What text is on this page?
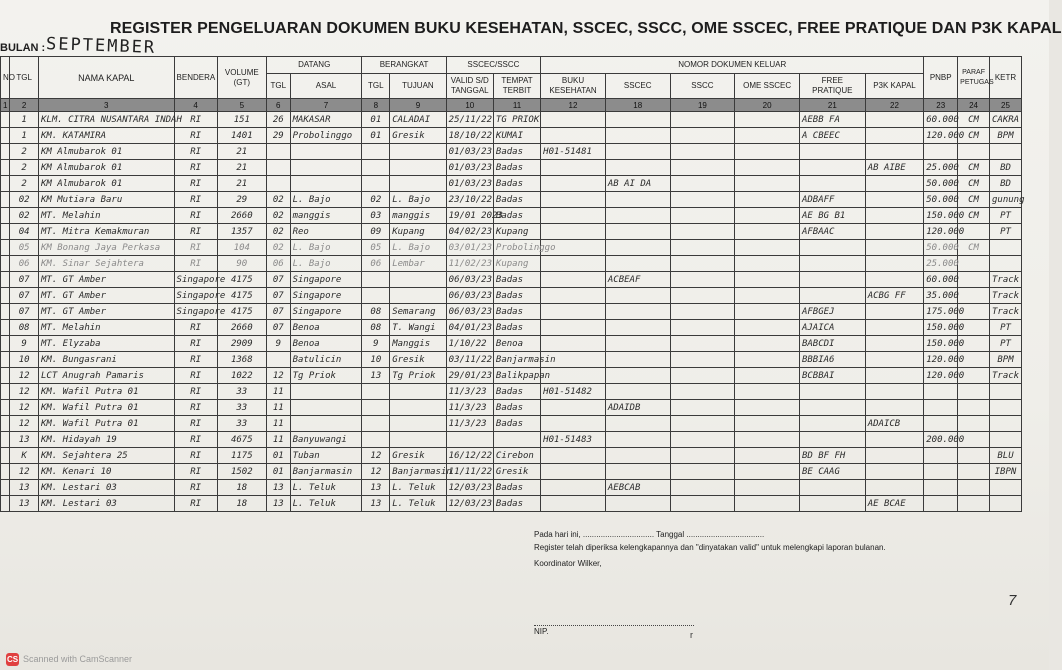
REGISTER PENGELUARAN DOKUMEN BUKU KESEHATAN, SSCEC, SSCC, OME SSCEC, FREE PRATIQUE DAN P3K KAPAL
BULAN : SEPTEMBER
NO	TGL	NAMA KAPAL	BENDERA	VOLUME (GT)	DATANG		BERANGKAT		SSCEC/SSCC		NOMOR DOKUMEN KELUAR						PNBP	PARAF PETUGAS	KETR
					TGL	ASAL	TGL	TUJUAN	VALID S/D TANGGAL	TEMPAT TERBIT	BUKU KESEHATAN	SSCEC	SSCC	OME SSCEC	FREE PRATIQUE	P3K KAPAL			
1	2	3	4	5	6	7	8	9	10	11	12	18	19	20	21	22	23	24	25
	1	KLM. CITRA NUSANTARA INDAH	RI	151	26	MAKASAR	01	CALADAI	25/11/22	TG PRIOK					AEBB FA		60.000	CM	CAKRA
	1	KM. KATAMIRA	RI	1401	29	Probolinggo	01	Gresik	18/10/22	KUMAI					A CBEEC		120.000	CM	BPM
	2	KM Almubarok 01	RI	21					01/03/23	Badas	H01-51481								
	2	KM Almubarok 01	RI	21					01/03/23	Badas						AB AIBE	25.000	CM	BD
	2	KM Almubarok 01	RI	21					01/03/23	Badas		AB AI DA					50.000	CM	BD
	02	KM Mutiara Baru	RI	29	02	L. Bajo	02	L. Bajo	23/10/22	Badas					ADBAFF		50.000	CM	gunung
	02	MT. Melahin	RI	2660	02	manggis	03	manggis	19/01 2023	Badas					AE BG B1		150.000	CM	PT
	04	MT. Mitra Kemakmuran	RI	1357	02	Reo	09	Kupang	04/02/23	Kupang					AFBAAC		120.000		PT
	05	KM Bonang Jaya Perkasa	RI	104	02	L. Bajo	05	L. Bajo	03/01/23	Probolinggo							50.000	CM	
	06	KM. Sinar Sejahtera	RI	90	06	L. Bajo	06	Lembar	11/02/23	Kupang							25.000		
	07	MT. GT Amber	Singapore	4175	07	Singapore			06/03/23	Badas		ACBEAF					60.000		Track
	07	MT. GT Amber	Singapore	4175	07	Singapore			06/03/23	Badas						ACBG FF	35.000		Track
	07	MT. GT Amber	Singapore	4175	07	Singapore	08	Semarang	06/03/23	Badas					AFBGEJ		175.000		Track
	08	MT. Melahin	RI	2660	07	Benoa	08	T. Wangi	04/01/23	Badas					AJAICA		150.000		PT
	9	MT. Elyzaba	RI	2909	9	Benoa	9	Manggis	1/10/22	Benoa					BABCDI		150.000		PT
	10	KM. Bungasrani	RI	1368		Batulicin	10	Gresik	03/11/22	Banjarmasin					BBBIA6		120.000		BPM
	12	LCT Anugrah Pamaris	RI	1022	12	Tg Priok	13	Tg Priok	29/01/23	Balikpapan					BCBBAI		120.000		Track
	12	KM. Wafil Putra 01	RI	33	11				11/3/23	Badas	H01-51482								
	12	KM. Wafil Putra 01	RI	33	11				11/3/23	Badas		ADAIDB							
	12	KM. Wafil Putra 01	RI	33	11				11/3/23	Badas						ADAICB			
	13	KM. Hidayah 19	RI	4675	11	Banyuwangi					H01-51483						200.000		
	K	KM. Sejahtera 25	RI	1175	01	Tuban	12	Gresik	16/12/22	Cirebon					BD BF FH				BLU
	12	KM. Kenari 10	RI	1502	01	Banjarmasin	12	Banjarmasin	11/11/22	Gresik					BE CAAG				IBPN
	13	KM. Lestari 03	RI	18	13	L. Teluk	13	L. Teluk	12/03/23	Badas		AEBCAB							
	13	KM. Lestari 03	RI	18	13	L. Teluk	13	L. Teluk	12/03/23	Badas						AE BCAE			
Pada hari ini, ................................ Tanggal ...................................
Register telah diperiksa kelengkapannya dan "dinyatakan valid" untuk melengkapi laporan bulanan.
Koordinator Wilker,
NIP.
7
r
CS Scanned with CamScanner
